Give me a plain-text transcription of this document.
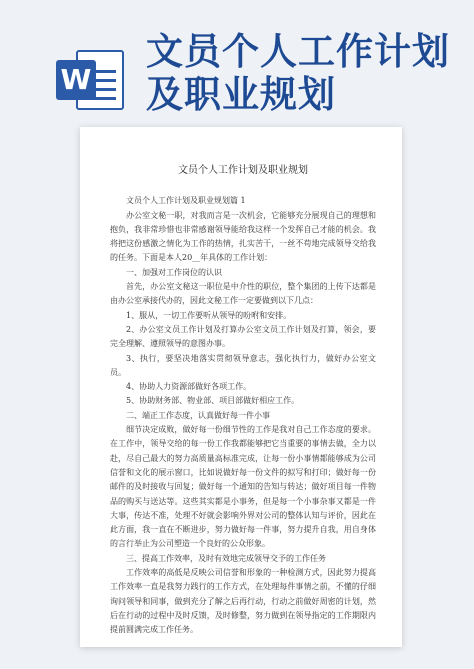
W
文员个人工作计划及职业规划
文员个人工作计划及职业规划

文员个人工作计划及职业规划篇 1

办公室文秘一职，对我而言是一次机会，它能够充分展现自己的理想和抱负，我非常珍惜也非常感谢领导能给我这样一个发挥自己才能的机会。我将把这份感激之情化为工作的热情，扎实苦干，一丝不苟地完成领导交给我的任务。下面是本人20__年具体的工作计划：

一、加强对工作岗位的认识

首先，办公室文秘这一职位是中介性的职位，整个集团的上传下达都是由办公室承接代办的，因此文秘工作一定要做到以下几点：

1、服从，一切工作要听从领导的吩咐和安排。

2、办公室文员工作计划及打算办公室文员工作计划及打算，领会，要完全理解、遵照领导的意图办事。

3、执行，要坚决地落实贯彻领导意志，强化执行力，做好办公室文员。

4、协助人力资源部做好各项工作。

5、协助财务部、物业部、项目部做好相应工作。

二、端正工作态度，认真做好每一件小事

细节决定成败，做好每一份细节性的工作是我对自己工作态度的要求。在工作中，领导交给的每一份工作我都能够把它当重要的事情去做，全力以赴，尽自己最大的努力高质量高标准完成，让每一份小事情都能够成为公司信誉和文化的展示窗口，比如说做好每一份文件的拟写和打印；做好每一份邮件的及时接收与回复；做好每一个通知的告知与转达；做好项目每一件物品的购买与送达等。这些其实都是小事务，但是每一个小事杂事又都是一件大事，传达不准，处理不好就会影响外界对公司的整体认知与评价，因此在此方面，我一直在不断进步，努力做好每一件事，努力提升自我，用自身体的言行举止为公司塑造一个良好的公众形象。

三、提高工作效率，及时有效地完成领导交予的工作任务

工作效率的高低是反映公司信誉和形象的一种检测方式，因此努力提高工作效率一直是我努力践行的工作方式，在处理每件事情之前，不懂的仔细询问领导和同事，做到充分了解之后再行动，行动之前做好周密的计划，然后在行动的过程中及时反馈，及时修整，努力做到在领导指定的工作期限内提前圆满完成工作任务。
